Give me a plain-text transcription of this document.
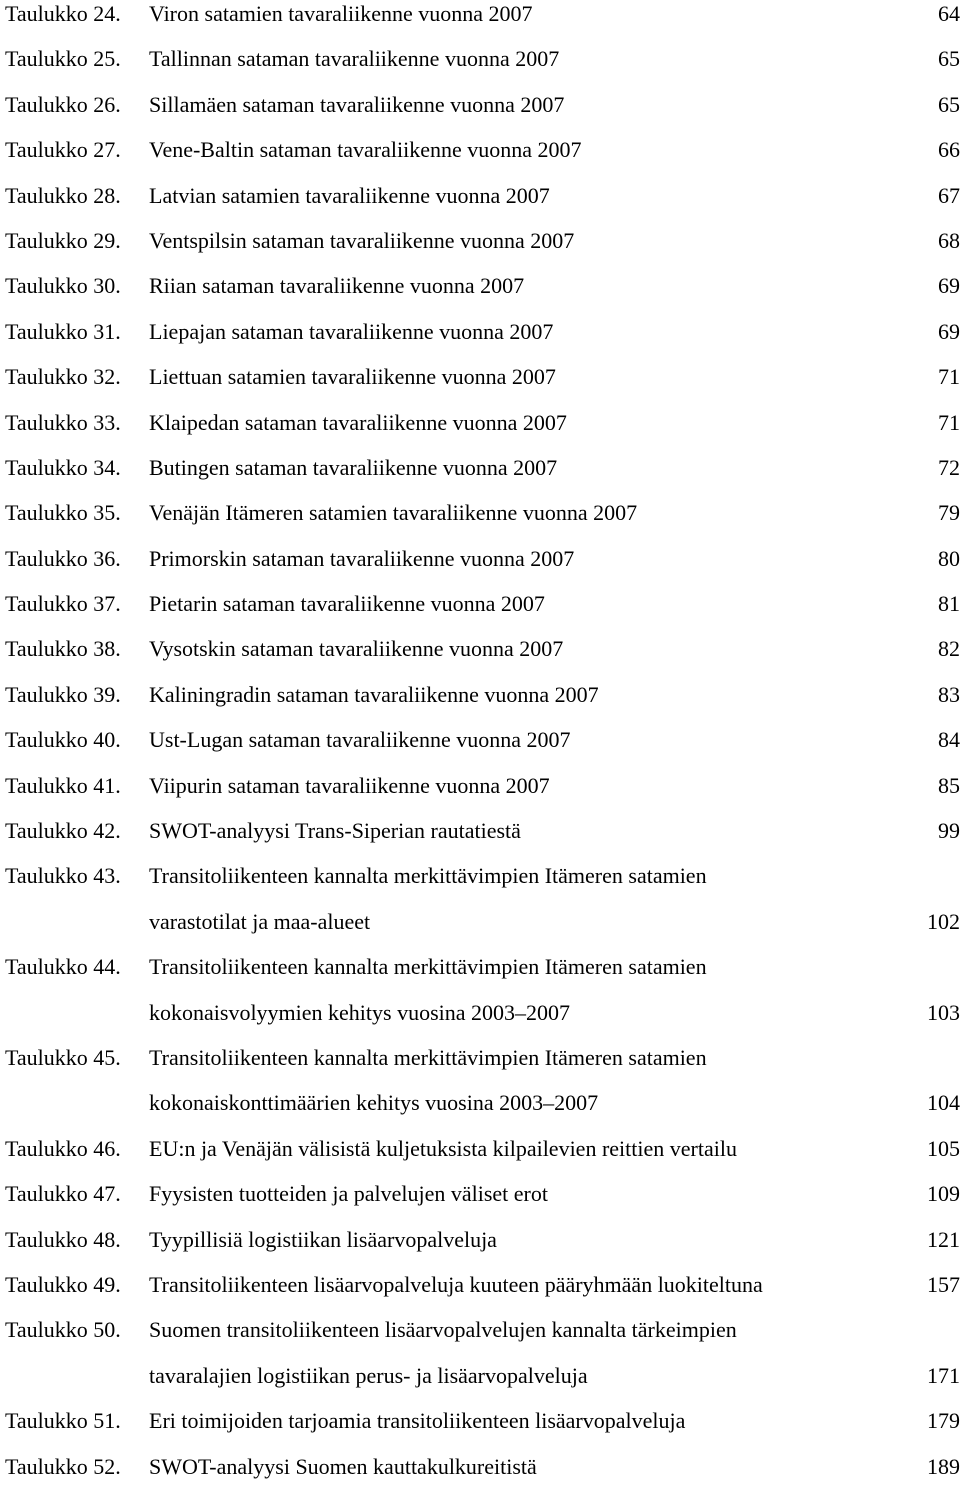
Taulukko 24. Viron satamien tavaraliikenne vuonna 2007	64
Taulukko 25. Tallinnan sataman tavaraliikenne vuonna 2007	65
Taulukko 26. Sillamäen sataman tavaraliikenne vuonna 2007	65
Taulukko 27. Vene-Baltin sataman tavaraliikenne vuonna 2007	66
Taulukko 28. Latvian satamien tavaraliikenne vuonna 2007	67
Taulukko 29. Ventspilsin sataman tavaraliikenne vuonna 2007	68
Taulukko 30. Riian sataman tavaraliikenne vuonna 2007	69
Taulukko 31. Liepajan sataman tavaraliikenne vuonna 2007	69
Taulukko 32. Liettuan satamien tavaraliikenne vuonna 2007	71
Taulukko 33. Klaipedan sataman tavaraliikenne vuonna 2007	71
Taulukko 34. Butingen sataman tavaraliikenne vuonna 2007	72
Taulukko 35. Venäjän Itämeren satamien tavaraliikenne vuonna 2007	79
Taulukko 36. Primorskin sataman tavaraliikenne vuonna 2007	80
Taulukko 37. Pietarin sataman tavaraliikenne vuonna 2007	81
Taulukko 38. Vysotskin sataman tavaraliikenne vuonna 2007	82
Taulukko 39. Kaliningradin sataman tavaraliikenne vuonna 2007	83
Taulukko 40. Ust-Lugan sataman tavaraliikenne vuonna 2007	84
Taulukko 41. Viipurin sataman tavaraliikenne vuonna 2007	85
Taulukko 42. SWOT-analyysi Trans-Siperian rautatiestä	99
Taulukko 43. Transitoliikenteen kannalta merkittävimpien Itämeren satamien
varastotilat ja maa-alueet	102
Taulukko 44. Transitoliikenteen kannalta merkittävimpien Itämeren satamien
kokonaisvolyymien kehitys vuosina 2003–2007	103
Taulukko 45. Transitoliikenteen kannalta merkittävimpien Itämeren satamien
kokonaiskonttimäärien kehitys vuosina 2003–2007	104
Taulukko 46. EU:n ja Venäjän välisistä kuljetuksista kilpailevien reittien vertailu	105
Taulukko 47. Fyysisten tuotteiden ja palvelujen väliset erot	109
Taulukko 48. Tyypillisiä logistiikan lisäarvopalveluja	121
Taulukko 49. Transitoliikenteen lisäarvopalveluja kuuteen pääryhmään luokiteltuna	157
Taulukko 50. Suomen transitoliikenteen lisäarvopalvelujen kannalta tärkeimpien
tavaralajien logistiikan perus- ja lisäarvopalveluja	171
Taulukko 51. Eri toimijoiden tarjoamia transitoliikenteen lisäarvopalveluja	179
Taulukko 52. SWOT-analyysi Suomen kauttakulkureitistä	189
